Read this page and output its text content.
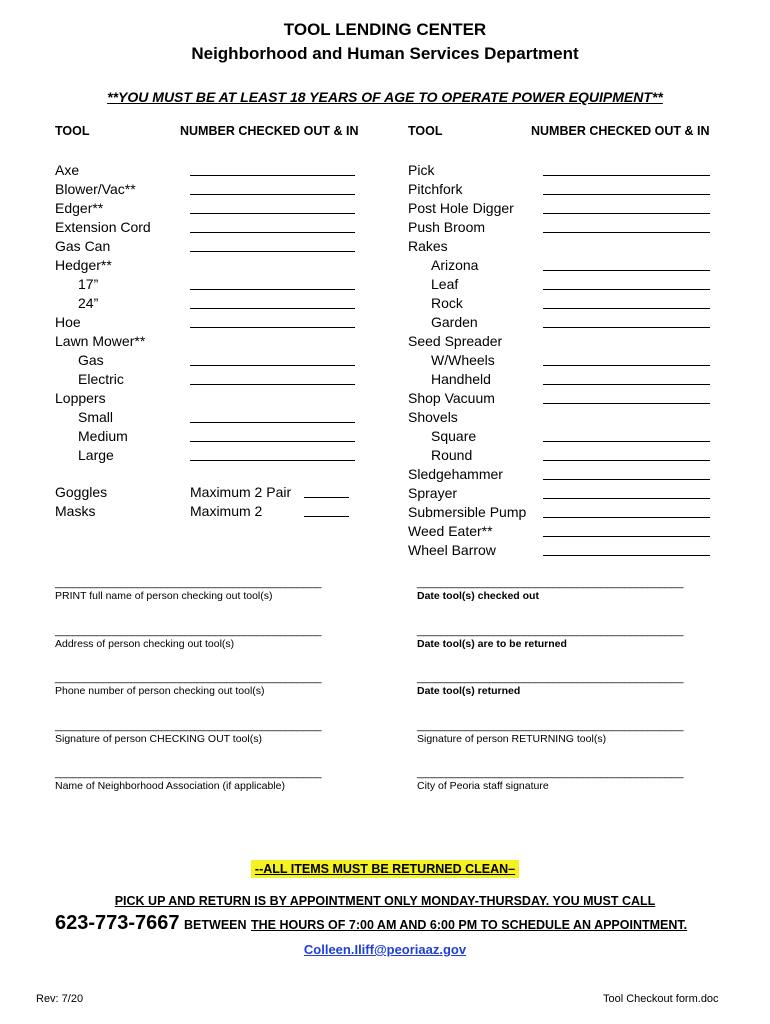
TOOL LENDING CENTER
Neighborhood and Human Services Department
**YOU MUST BE AT LEAST 18 YEARS OF AGE TO OPERATE POWER EQUIPMENT**
TOOL	NUMBER CHECKED OUT & IN	TOOL	NUMBER CHECKED OUT & IN
Axe
Blower/Vac**
Edger**
Extension Cord
Gas Can
Hedger**
17”
24”
Hoe
Lawn Mower**
Gas
Electric
Loppers
Small
Medium
Large
Pick
Pitchfork
Post Hole Digger
Push Broom
Rakes
Arizona
Leaf
Rock
Garden
Seed Spreader
W/Wheels
Handheld
Shop Vacuum
Shovels
Square
Round
Sledgehammer
Sprayer
Submersible Pump
Weed Eater**
Wheel Barrow
Goggles	Maximum 2 Pair
Masks	Maximum 2
_____________________________________________
PRINT full name of person checking out tool(s)
_____________________________________________
Address of person checking out tool(s)
_____________________________________________
Phone number of person checking out tool(s)
_____________________________________________
Signature of person CHECKING OUT tool(s)
_____________________________________________
Name of Neighborhood Association (if applicable)
_____________________________________________
Date tool(s) checked out
_____________________________________________
Date tool(s) are to be returned
_____________________________________________
Date tool(s) returned
_____________________________________________
Signature of person RETURNING tool(s)
_____________________________________________
City of Peoria staff signature
--ALL ITEMS MUST BE RETURNED CLEAN–
PICK UP AND RETURN IS BY APPOINTMENT ONLY MONDAY-THURSDAY. YOU MUST CALL
623-773-7667 BETWEEN THE HOURS OF 7:00 AM AND 6:00 PM TO SCHEDULE AN APPOINTMENT.
Colleen.Iliff@peoriaaz.gov
Rev: 7/20	Tool Checkout form.doc
